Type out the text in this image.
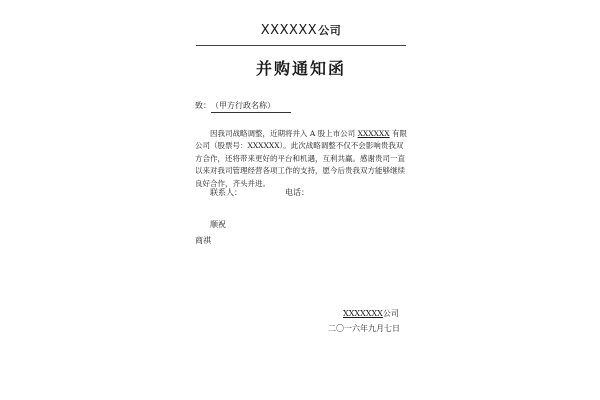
XXXXXX公司
并购通知函
致：（甲方行政名称）

因我司战略调整，近期将并入 A 股上市公司 XXXXXX 有限公司（股票号：XXXXXX）。此次战略调整不仅不会影响贵我双方合作，还将带来更好的平台和机遇，互利共赢。感谢贵司一直以来对我司管理经营各项工作的支持，愿今后贵我双方能够继续良好合作，齐头并进。

联系人：	电话：
顺祝
商祺
XXXXXXX公司
二〇一六年九月七日
